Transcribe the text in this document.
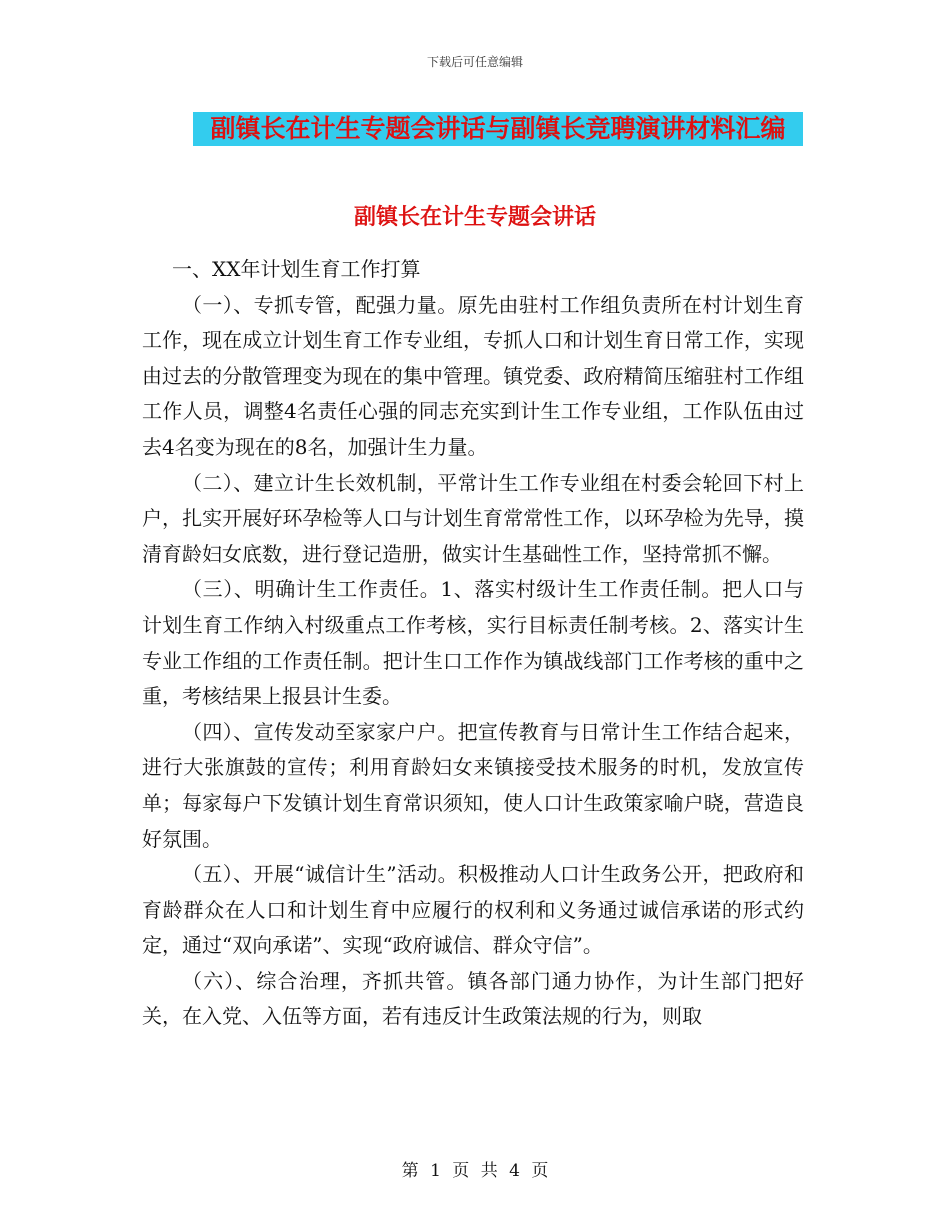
下载后可任意编辑
副镇长在计生专题会讲话与副镇长竞聘演讲材料汇编
副镇长在计生专题会讲话

一、XX年计划生育工作打算

（一）、专抓专管，配强力量。原先由驻村工作组负责所在村计划生育工作，现在成立计划生育工作专业组，专抓人口和计划生育日常工作，实现由过去的分散管理变为现在的集中管理。镇党委、政府精简压缩驻村工作组工作人员，调整4名责任心强的同志充实到计生工作专业组，工作队伍由过去4名变为现在的8名，加强计生力量。

（二）、建立计生长效机制，平常计生工作专业组在村委会轮回下村上户，扎实开展好环孕检等人口与计划生育常常性工作，以环孕检为先导，摸清育龄妇女底数，进行登记造册，做实计生基础性工作，坚持常抓不懈。

（三）、明确计生工作责任。1、落实村级计生工作责任制。把人口与计划生育工作纳入村级重点工作考核，实行目标责任制考核。2、落实计生专业工作组的工作责任制。把计生口工作作为镇战线部门工作考核的重中之重，考核结果上报县计生委。

（四）、宣传发动至家家户户。把宣传教育与日常计生工作结合起来，进行大张旗鼓的宣传；利用育龄妇女来镇接受技术服务的时机，发放宣传单；每家每户下发镇计划生育常识须知，使人口计生政策家喻户晓，营造良好氛围。

（五）、开展“诚信计生”活动。积极推动人口计生政务公开，把政府和育龄群众在人口和计划生育中应履行的权利和义务通过诚信承诺的形式约定，通过“双向承诺”、实现“政府诚信、群众守信”。

（六）、综合治理，齐抓共管。镇各部门通力协作，为计生部门把好关，在入党、入伍等方面，若有违反计生政策法规的行为，则取

第 1 页 共 4 页
